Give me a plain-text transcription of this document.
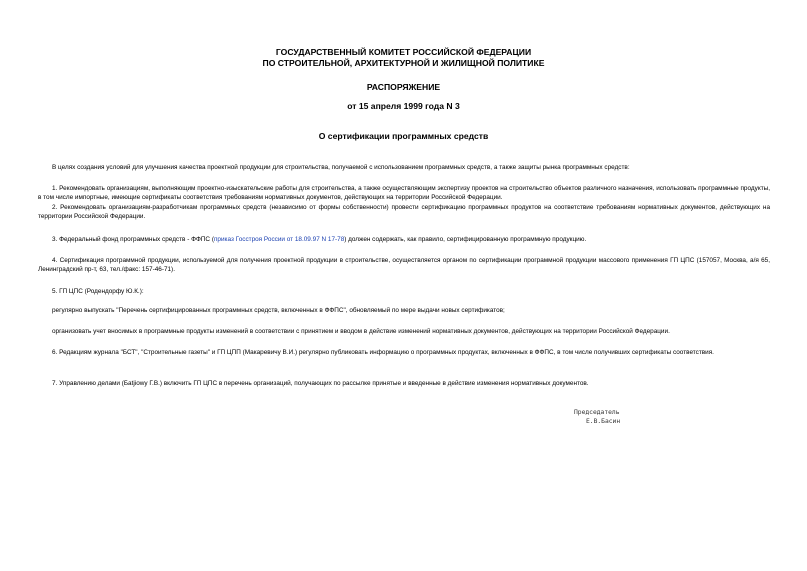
ГОСУДАРСТВЕННЫЙ КОМИТЕТ РОССИЙСКОЙ ФЕДЕРАЦИИ
ПО СТРОИТЕЛЬНОЙ, АРХИТЕКТУРНОЙ И ЖИЛИЩНОЙ ПОЛИТИКЕ
РАСПОРЯЖЕНИЕ
от 15 апреля 1999 года N 3
О сертификации программных средств
В целях создания условий для улучшения качества проектной продукции для строительства, получаемой с использованием программных средств, а также защиты рынка программных средств:
1. Рекомендовать организациям, выполняющим проектно-изыскательские работы для строительства, а также осуществляющим экспертизу проектов на строительство объектов различного назначения, использовать программные продукты, в том числе импортные, имеющие сертификаты соответствия требованиям нормативных документов, действующих на территории Российской Федерации.
2. Рекомендовать организациям-разработчикам программных средств (независимо от формы собственности) провести сертификацию программных продуктов на соответствие требованиям нормативных документов, действующих на территории Российской Федерации.
3. Федеральный фонд программных средств - ФФПС (приказ Госстроя России от 18.09.97 N 17-78) должен содержать, как правило, сертифицированную программную продукцию.
4. Сертификация программной продукции, используемой для получения проектной продукции в строительстве, осуществляется органом по сертификации программной продукции массового применения ГП ЦПС (157057, Москва, а/я 65, Ленинградский пр-т, 63, тел./факс: 157-46-71).
5. ГП ЦПС (Родендорфу Ю.К.):
регулярно выпускать "Перечень сертифицированных программных средств, включенных в ФФПС", обновляемый по мере выдачи новых сертификатов;
организовать учет вносимых в программные продукты изменений в соответствии с принятием и вводом в действие изменений нормативных документов, действующих на территории Российской Федерации.
6. Редакциям журнала "БСТ", "Строительные газеты" и ГП ЦПП (Макаревичу В.И.) регулярно публиковать информацию о программных продуктах, включенных в ФФПС, в том числе получивших сертификаты соответствия.
7. Управлению делами (Бatjiowy Г.В.) включить ГП ЦПС в перечень организаций, получающих по рассылке принятые и введенные в действие изменения нормативных документов.
Председатель
Е.В.Басин
